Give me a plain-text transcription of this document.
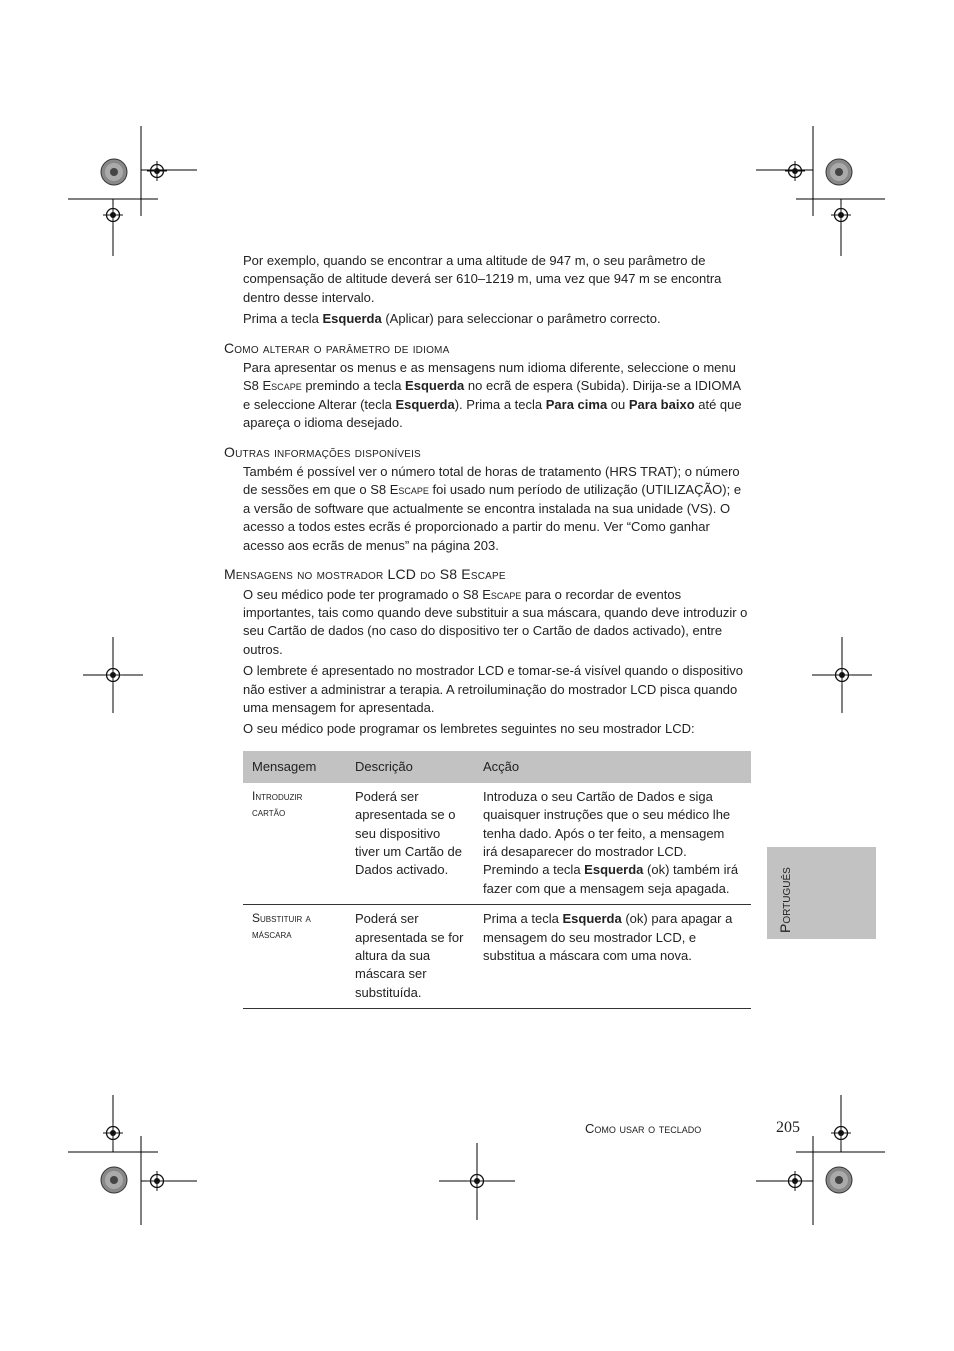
Por exemplo, quando se encontrar a uma altitude de 947 m, o seu parâmetro de compensação de altitude deverá ser 610–1219 m, uma vez que 947 m se encontra dentro desse intervalo.

Prima a tecla Esquerda (Aplicar) para seleccionar o parâmetro correcto.

Como alterar o parâmetro de idioma

Para apresentar os menus e as mensagens num idioma diferente, seleccione o menu S8 Escape premindo a tecla Esquerda no ecrã de espera (Subida). Dirija-se a IDIOMA e seleccione Alterar (tecla Esquerda). Prima a tecla Para cima ou Para baixo até que apareça o idioma desejado.

Outras informações disponíveis

Também é possível ver o número total de horas de tratamento (HRS TRAT); o número de sessões em que o S8 Escape foi usado num período de utilização (UTILIZAÇÃO); e a versão de software que actualmente se encontra instalada na sua unidade (VS). O acesso a todos estes ecrãs é proporcionado a partir do menu. Ver “Como ganhar acesso aos ecrãs de menus” na página 203.

Mensagens no mostrador LCD do S8 Escape

O seu médico pode ter programado o S8 Escape para o recordar de eventos importantes, tais como quando deve substituir a sua máscara, quando deve introduzir o seu Cartão de dados (no caso do dispositivo ter o Cartão de dados activado), entre outros.

O lembrete é apresentado no mostrador LCD e tomar-se-á visível quando o dispositivo não estiver a administrar a terapia. A retroiluminação do mostrador LCD pisca quando uma mensagem for apresentada.

O seu médico pode programar os lembretes seguintes no seu mostrador LCD:

Mensagem	Descrição	Acção
Introduzir cartão	Poderá ser apresentada se o seu dispositivo tiver um Cartão de Dados activado.	Introduza o seu Cartão de Dados e siga quaisquer instruções que o seu médico lhe tenha dado. Após o ter feito, a mensagem irá desaparecer do mostrador LCD. Premindo a tecla Esquerda (ok) também irá fazer com que a mensagem seja apagada.
Substituir a máscara	Poderá ser apresentada se for altura da sua máscara ser substituída.	Prima a tecla Esquerda (ok) para apagar a mensagem do seu mostrador LCD, e substitua a máscara com uma nova.
Português
Como usar o teclado	205
